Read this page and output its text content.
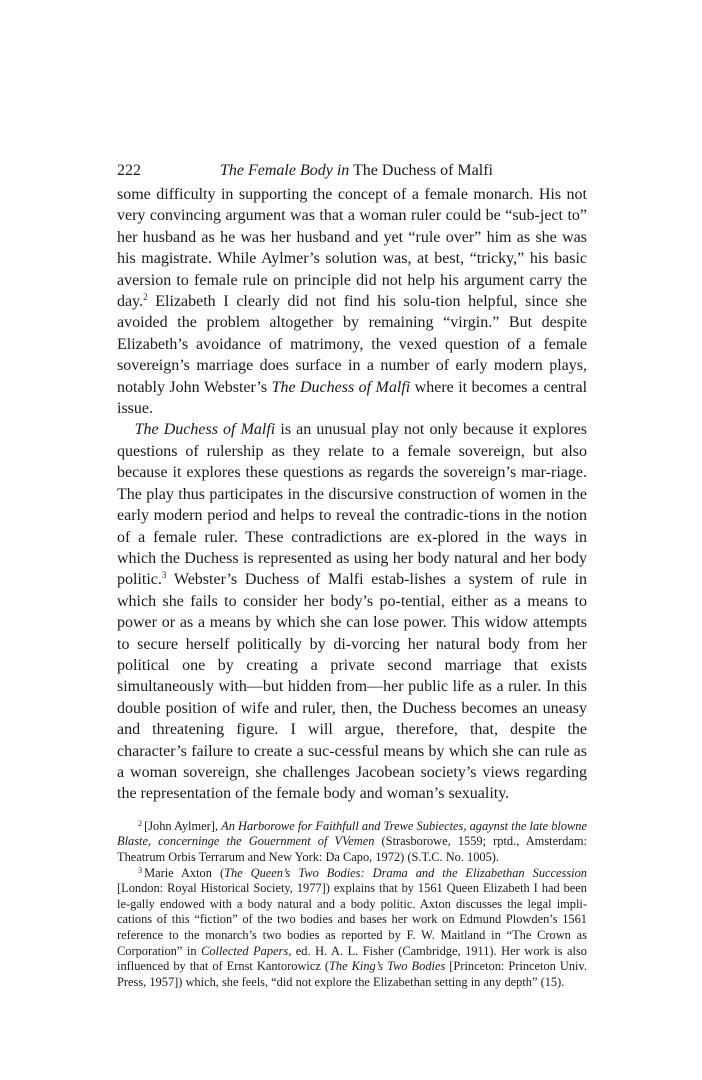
222	The Female Body in The Duchess of Malfi

some difficulty in supporting the concept of a female monarch. His not very convincing argument was that a woman ruler could be “sub-ject to” her husband as he was her husband and yet “rule over” him as she was his magistrate. While Aylmer’s solution was, at best, “tricky,” his basic aversion to female rule on principle did not help his argument carry the day.$^2$ Elizabeth I clearly did not find his solu-tion helpful, since she avoided the problem altogether by remaining “virgin.” But despite Elizabeth’s avoidance of matrimony, the vexed question of a female sovereign’s marriage does surface in a number of early modern plays, notably John Webster’s The Duchess of Malfi where it becomes a central issue.

The Duchess of Malfi is an unusual play not only because it explores questions of rulership as they relate to a female sovereign, but also because it explores these questions as regards the sovereign’s mar-riage. The play thus participates in the discursive construction of women in the early modern period and helps to reveal the contradic-tions in the notion of a female ruler. These contradictions are ex-plored in the ways in which the Duchess is represented as using her body natural and her body politic.$^3$ Webster’s Duchess of Malfi estab-lishes a system of rule in which she fails to consider her body’s po-tential, either as a means to power or as a means by which she can lose power. This widow attempts to secure herself politically by di-vorcing her natural body from her political one by creating a private second marriage that exists simultaneously with—but hidden from—her public life as a ruler. In this double position of wife and ruler, then, the Duchess becomes an uneasy and threatening figure. I will argue, therefore, that, despite the character’s failure to create a suc-cessful means by which she can rule as a woman sovereign, she challenges Jacobean society’s views regarding the representation of the female body and woman’s sexuality.

$^2$ [John Aylmer], An Harborowe for Faithfull and Trewe Subiectes, agaynst the late blowne Blaste, concerninge the Gouernment of VVemen (Strasborowe, 1559; rptd., Amsterdam: Theatrum Orbis Terrarum and New York: Da Capo, 1972) (S.T.C. No. 1005).

$^3$ Marie Axton (The Queen’s Two Bodies: Drama and the Elizabethan Succession [London: Royal Historical Society, 1977]) explains that by 1561 Queen Elizabeth I had been le-gally endowed with a body natural and a body politic. Axton discusses the legal impli-cations of this “fiction” of the two bodies and bases her work on Edmund Plowden’s 1561 reference to the monarch’s two bodies as reported by F. W. Maitland in “The Crown as Corporation” in Collected Papers, ed. H. A. L. Fisher (Cambridge, 1911). Her work is also influenced by that of Ernst Kantorowicz (The King’s Two Bodies [Princeton: Princeton Univ. Press, 1957]) which, she feels, “did not explore the Elizabethan setting in any depth” (15).
